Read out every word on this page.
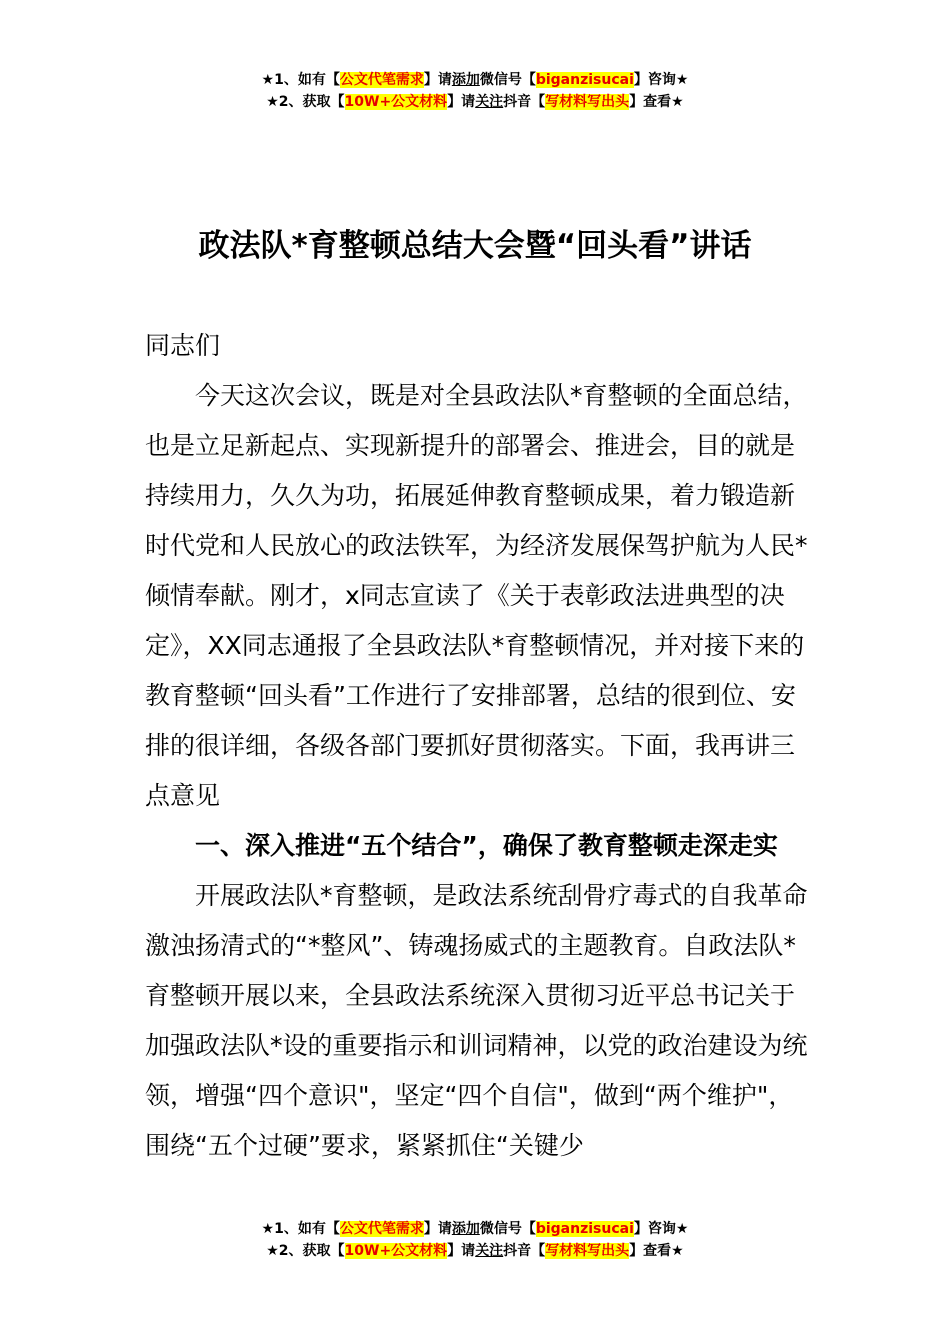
★1、如有【公文代笔需求】请添加微信号【biganzisucai】咨询★
★2、获取【10W+公文材料】请关注抖音【写材料写出头】查看★
政法队*育整顿总结大会暨“回头看”讲话

同志们

今天这次会议，既是对全县政法队*育整顿的全面总结，也是立足新起点、实现新提升的部署会、推进会，目的就是持续用力，久久为功，拓展延伸教育整顿成果，着力锻造新时代党和人民放心的政法铁军，为经济发展保驾护航为人民*倾情奉献。刚才，x同志宣读了《关于表彰政法进典型的决定》，XX同志通报了全县政法队*育整顿情况，并对接下来的教育整顿“回头看”工作进行了安排部署，总结的很到位、安排的很详细，各级各部门要抓好贯彻落实。下面，我再讲三点意见

一、深入推进“五个结合”，确保了教育整顿走深走实

开展政法队*育整顿，是政法系统刮骨疗毒式的自我革命激浊扬清式的“*整风”、铸魂扬威式的主题教育。自政法队*育整顿开展以来，全县政法系统深入贯彻习近平总书记关于加强政法队*设的重要指示和训词精神，以党的政治建设为统领，增强“四个意识"，坚定“四个自信"，做到“两个维护"，围绕“五个过硬”要求，紧紧抓住“关键少

★1、如有【公文代笔需求】请添加微信号【biganzisucai】咨询★
★2、获取【10W+公文材料】请关注抖音【写材料写出头】查看★
